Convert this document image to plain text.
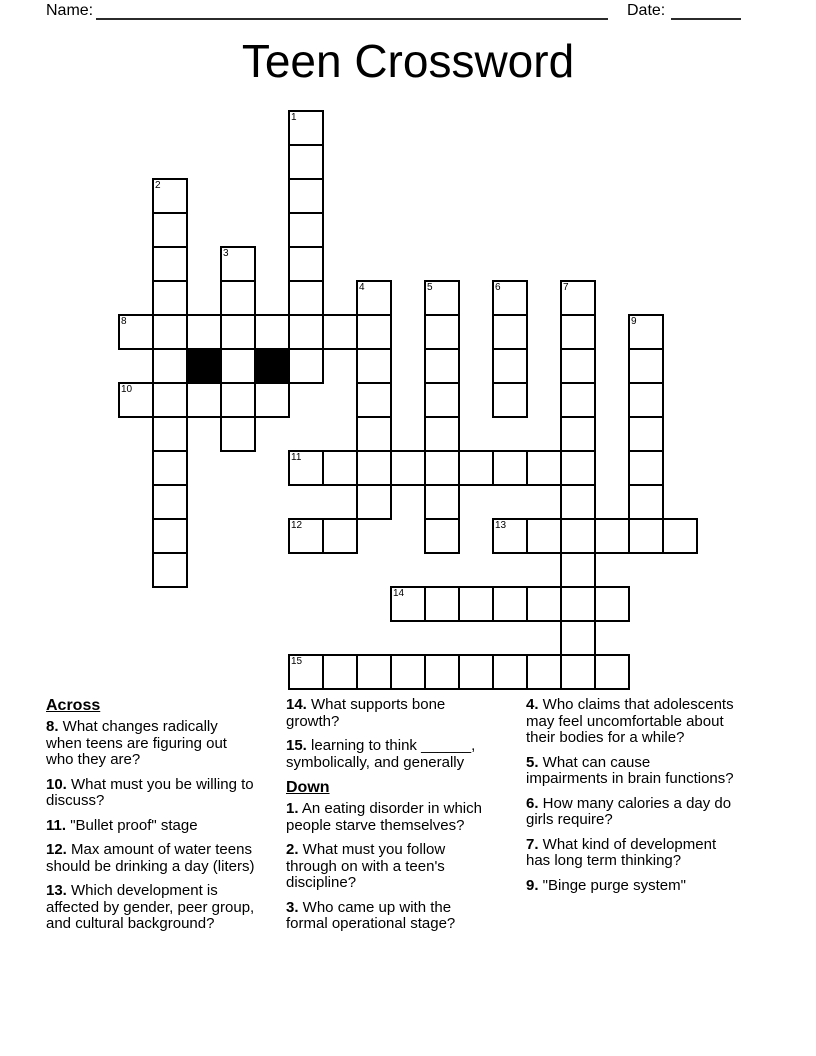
Name:	Date:
Teen Crossword
8
10
2
3
1
11
12
15
4
14
5	6
13
7
9
Across
8. What changes radically when teens are figuring out who they are?
10. What must you be willing to discuss?
11. "Bullet proof" stage
12. Max amount of water teens should be drinking a day (liters)
13. Which development is affected by gender, peer group, and cultural background?
14. What supports bone growth?
15. learning to think ______, symbolically, and generally
Down
1. An eating disorder in which people starve themselves?
2. What must you follow through on with a teen's discipline?
3. Who came up with the formal operational stage?
4. Who claims that adolescents may feel uncomfortable about their bodies for a while?
5. What can cause impairments in brain functions?
6. How many calories a day do girls require?
7. What kind of development has long term thinking?
9. "Binge purge system"
